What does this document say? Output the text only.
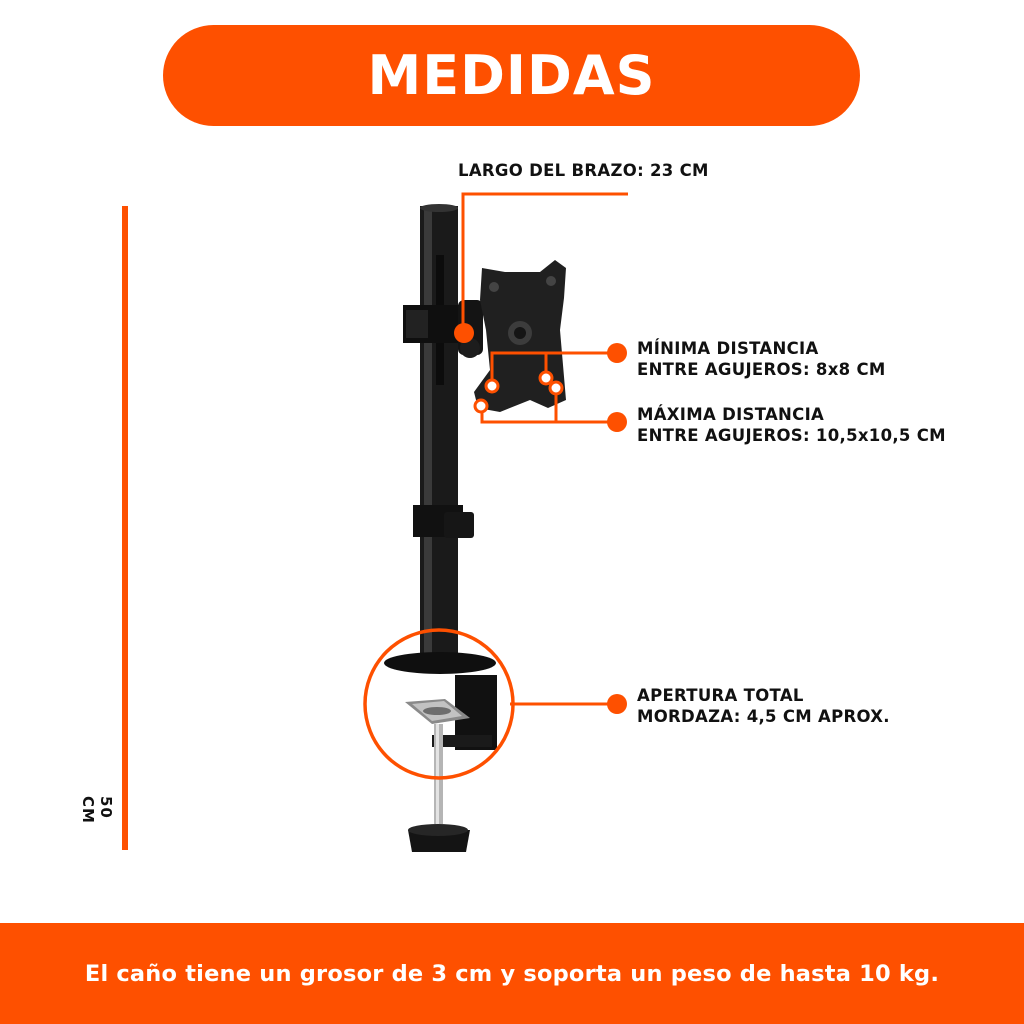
MEDIDAS
LARGO DEL BRAZO: 23 CM
MÍNIMA DISTANCIA
ENTRE AGUJEROS: 8x8 CM
MÁXIMA DISTANCIA
ENTRE AGUJEROS: 10,5x10,5 CM
APERTURA TOTAL
MORDAZA: 4,5 CM APROX.
50 CM
El caño tiene un grosor de 3 cm y soporta un peso de hasta 10 kg.
